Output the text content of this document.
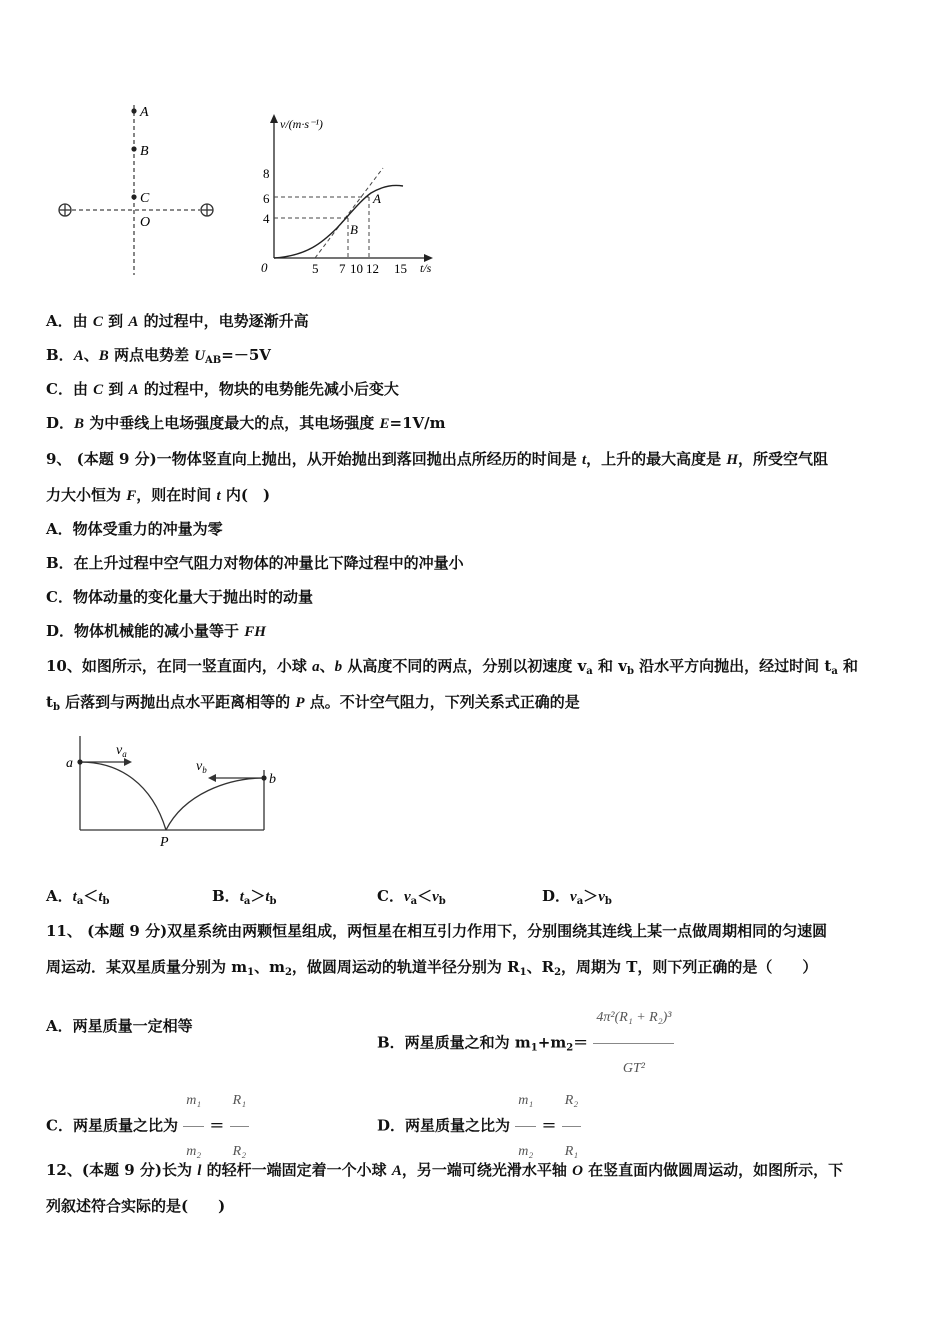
A
B
C
O
v/(m·s⁻¹)
t/s
0
8
6
4
A
B
5 7 10 12 15
A．由 C 到 A 的过程中，电势逐渐升高
B．A、B 两点电势差 $U_{AB}=-5V$
C．由 C 到 A 的过程中，物块的电势能先减小后变大
D．B 为中垂线上电场强度最大的点，其电场强度 E=1V/m
9、 (本题 9 分)一物体竖直向上抛出，从开始抛出到落回抛出点所经历的时间是 t，上升的最大高度是 H，所受空气阻
力大小恒为 F，则在时间 t 内(　)
A．物体受重力的冲量为零
B．在上升过程中空气阻力对物体的冲量比下降过程中的冲量小
C．物体动量的变化量大于抛出时的动量
D．物体机械能的减小量等于 FH
10、如图所示，在同一竖直面内，小球 a、b 从高度不同的两点，分别以初速度 $v_a$ 和 $v_b$ 沿水平方向抛出，经过时间 $t_a$ 和
$t_b$ 后落到与两抛出点水平距离相等的 P 点。不计空气阻力，下列关系式正确的是
a
b
$v_a$
$v_b$
P
A．$t_a<t_b$	B．$t_a>t_b$	C．$v_a<v_b$	D．$v_a>v_b$
11、 (本题 9 分)双星系统由两颗恒星组成，两恒星在相互引力作用下，分别围绕其连线上某一点做周期相同的匀速圆
周运动．某双星质量分别为 $m_1$、$m_2$，做圆周运动的轨道半径分别为 $R_1$、$R_2$，周期为 T，则下列正确的是（　　）
A．两星质量一定相等
B．两星质量之和为 $m_1+m_2= \frac{\text{4π²(R₁ + R₂)³}}{\text{GT²}}$
C．两星质量之比为 $\frac{\text{m₁}}{\text{m₂}} = \frac{\text{R₁}}{\text{R₂}}$	D．两星质量之比为 $\frac{\text{m₁}}{\text{m₂}} = \frac{\text{R₂}}{\text{R₁}}$
12、(本题 9 分)长为 l 的轻杆一端固定着一个小球 A，另一端可绕光滑水平轴 O 在竖直面内做圆周运动，如图所示，下
列叙述符合实际的是(　　)
